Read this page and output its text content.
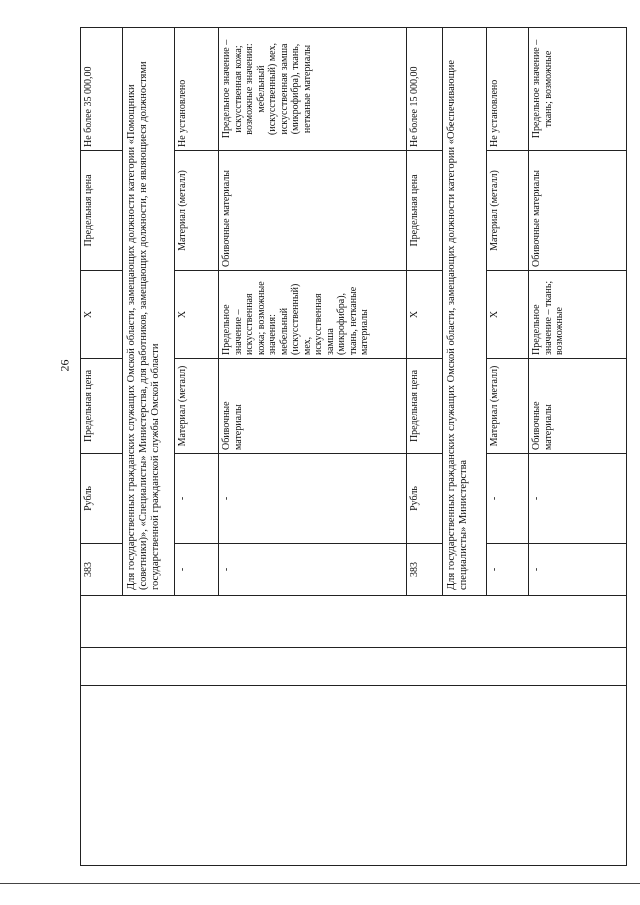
26
			383	Рубль	Предельная цена	X	Предельная цена	Не более 35 000,00
			Для государственных гражданских служащих Омской области, замещающих должности категории «Помощники (советники)», «Специалисты» Министерства, для работников, замещающих должности, не являющиеся должностями государственной гражданской службы Омской области					
			-	-	Материал (металл)	X	Материал (металл)	Не установлено
			-	-	Обивочные материалы	Предельное значение – искусственная кожа; возможные значения: мебельный (искусственный) мех, искусственная замша (микрофибра), ткань, нетканые материалы	Обивочные материалы	Предельное значение – искусственная кожа; возможные значения: мебельный (искусственный) мех, искусственная замша (микрофибра), ткань, нетканые материалы
			383	Рубль	Предельная цена	X	Предельная цена	Не более 15 000,00
			Для государственных гражданских служащих Омской области, замещающих должности категории «Обеспечивающие специалисты» Министерства					
			-	-	Материал (металл)	X	Материал (металл)	Не установлено
			-	-	Обивочные материалы	Предельное значение – ткань; возможные	Обивочные материалы	Предельное значение – ткань; возможные
